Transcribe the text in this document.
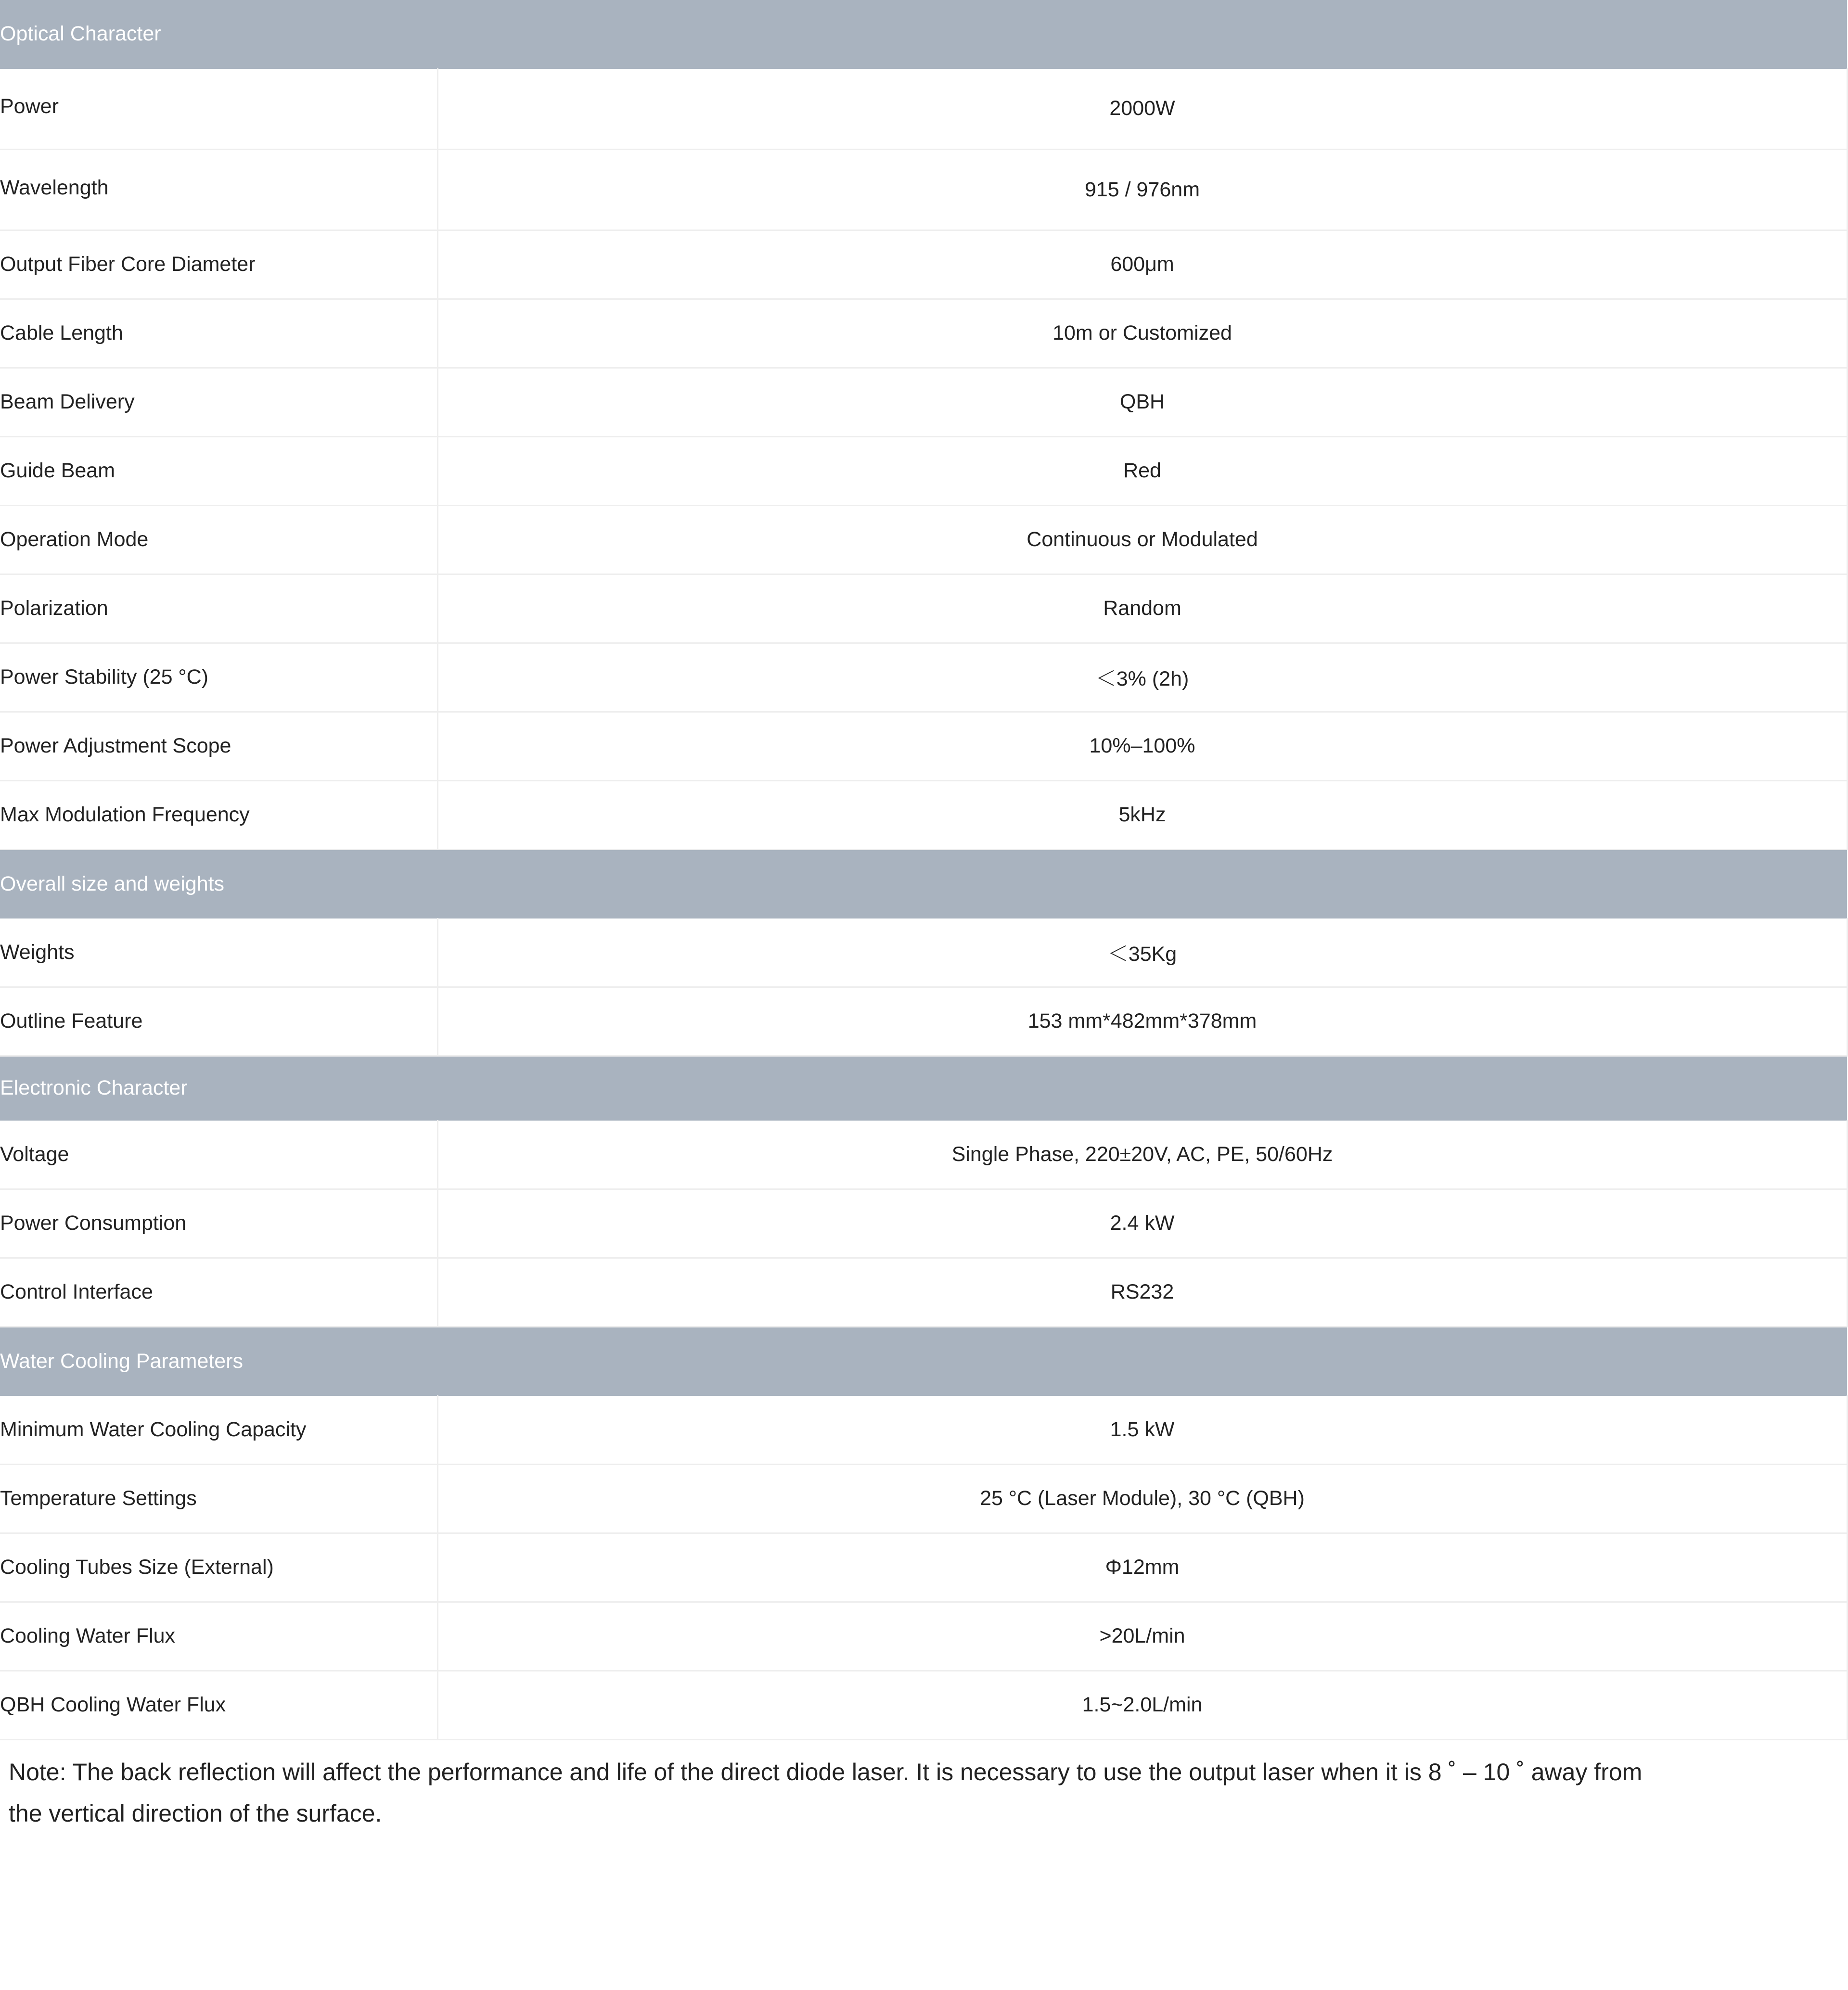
Optical Character	
Power	2000W
Wavelength	915 / 976nm
Output Fiber Core Diameter	600μm
Cable Length	10m or Customized
Beam Delivery	QBH
Guide Beam	Red
Operation Mode	Continuous or Modulated
Polarization	Random
Power Stability (25 °C)	＜3% (2h)
Power Adjustment Scope	10%–100%
Max Modulation Frequency	5kHz
Overall size and weights	
Weights	＜35Kg
Outline Feature	153 mm*482mm*378mm
Electronic Character	
Voltage	Single Phase, 220±20V, AC, PE, 50/60Hz
Power Consumption	2.4 kW
Control Interface	RS232
Water Cooling Parameters	
Minimum Water Cooling Capacity	1.5 kW
Temperature Settings	25 °C (Laser Module), 30 °C (QBH)
Cooling Tubes Size (External)	Φ12mm
Cooling Water Flux	>20L/min
QBH Cooling Water Flux	1.5~2.0L/min
Note: The back reflection will affect the performance and life of the direct diode laser. It is necessary to use the output laser when it is 8 ˚ – 10 ˚ away from
the vertical direction of the surface.
